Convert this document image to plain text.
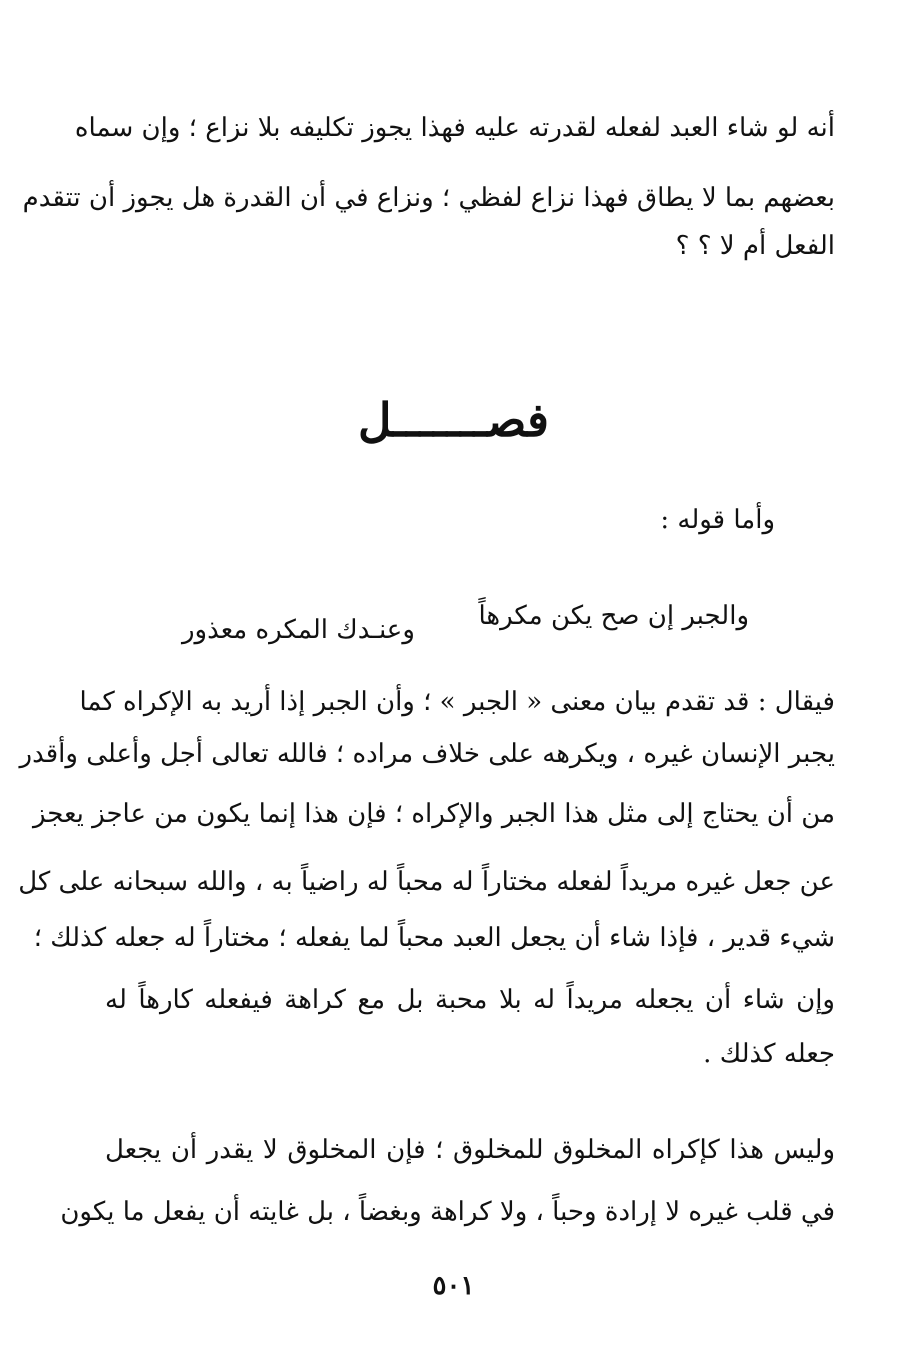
أنه لو شاء العبد لفعله لقدرته عليه فهذا يجوز تكليفه بلا نزاع ؛ وإن سماه
بعضهم بما لا يطاق فهذا نزاع لفظي ؛ ونزاع في أن القدرة هل يجوز أن تتقدم
الفعل أم لا ؟ ؟
فصـــــــل
وأما قوله :
والجبر إن صح يكن مكرهاً
وعنـدك المكره معذور
فيقال : قد تقدم بيان معنى « الجبر » ؛ وأن الجبر إذا أريد به الإكراه كما
يجبر الإنسان غيره ، ويكرهه على خلاف مراده ؛ فالله تعالى أجل وأعلى وأقدر
من أن يحتاج إلى مثل هذا الجبر والإكراه ؛ فإن هذا إنما يكون من عاجز يعجز
عن جعل غيره مريداً لفعله مختاراً له محباً له راضياً به ، والله سبحانه على كل
شيء قدير ، فإذا شاء أن يجعل العبد محباً لما يفعله ؛ مختاراً له جعله كذلك ؛
وإن شاء أن يجعله مريداً له بلا محبة بل مع كراهة فيفعله كارهاً له
جعله كذلك .
وليس هذا كإكراه المخلوق للمخلوق ؛ فإن المخلوق لا يقدر أن يجعل
في قلب غيره لا إرادة وحباً ، ولا كراهة وبغضاً ، بل غايته أن يفعل ما يكون
٥٠١
